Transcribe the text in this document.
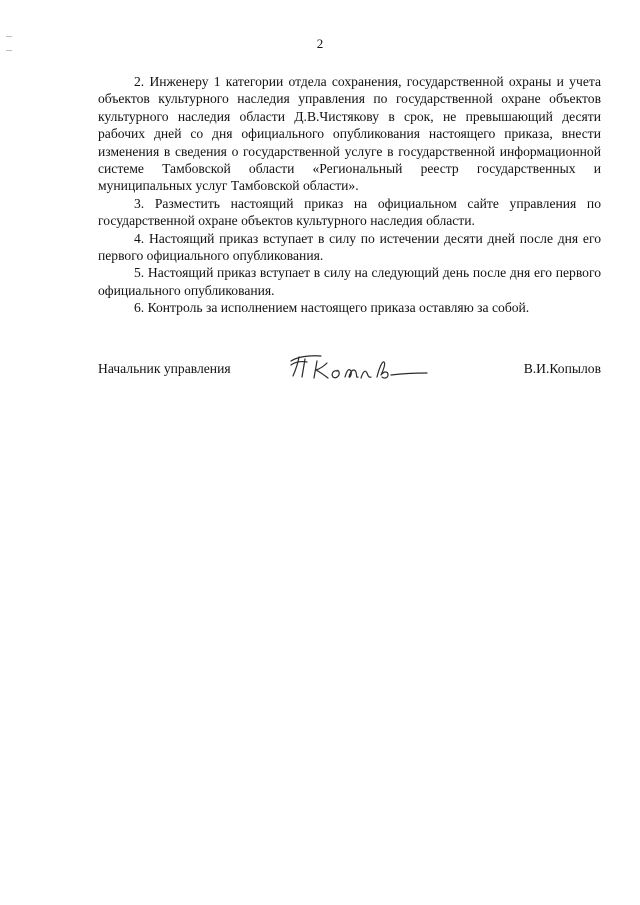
2

2. Инженеру 1 категории отдела сохранения, государственной охраны и учета объектов культурного наследия управления по государственной охране объектов культурного наследия области Д.В.Чистякову в срок, не превышающий десяти рабочих дней со дня официального опубликования настоящего приказа, внести изменения в сведения о государственной услуге в государственной информационной системе Тамбовской области «Региональный реестр государственных и муниципальных услуг Тамбовской области».

3. Разместить настоящий приказ на официальном сайте управления по государственной охране объектов культурного наследия области.

4. Настоящий приказ вступает в силу по истечении десяти дней после дня его первого официального опубликования.

5. Настоящий приказ вступает в силу на следующий день после дня его первого официального опубликования.

6. Контроль за исполнением настоящего приказа оставляю за собой.

Начальник управления	В.И.Копылов
